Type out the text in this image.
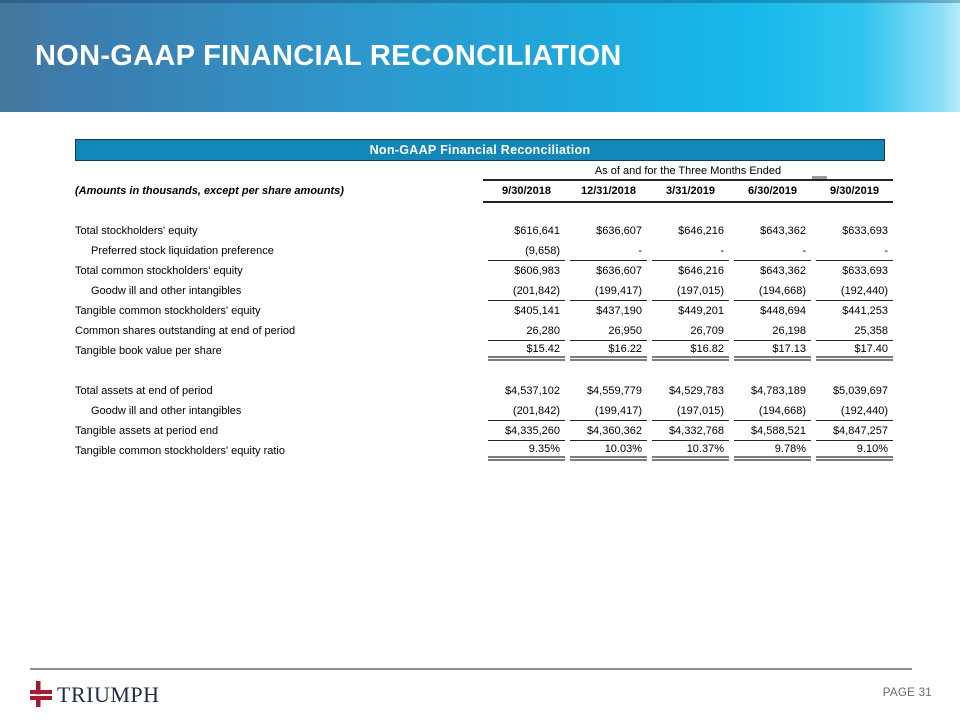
NON-GAAP FINANCIAL RECONCILIATION
Non-GAAP Financial Reconciliation
As of and for the Three Months Ended
(Amounts in thousands, except per share amounts)	9/30/2018	12/31/2018	3/31/2019	6/30/2019	9/30/2019
Total stockholders' equity	$616,641	$636,607	$646,216	$643,362	$633,693
Preferred stock liquidation preference	(9,658)	-	-	-	-
Total common stockholders' equity	$606,983	$636,607	$646,216	$643,362	$633,693
Goodw ill and other intangibles	(201,842)	(199,417)	(197,015)	(194,668)	(192,440)
Tangible common stockholders' equity	$405,141	$437,190	$449,201	$448,694	$441,253
Common shares outstanding at end of period	26,280	26,950	26,709	26,198	25,358
Tangible book value per share	$15.42	$16.22	$16.82	$17.13	$17.40
Total assets at end of period	$4,537,102	$4,559,779	$4,529,783	$4,783,189	$5,039,697
Goodw ill and other intangibles	(201,842)	(199,417)	(197,015)	(194,668)	(192,440)
Tangible assets at period end	$4,335,260	$4,360,362	$4,332,768	$4,588,521	$4,847,257
Tangible common stockholders' equity ratio	9.35%	10.03%	10.37%	9.78%	9.10%
TRIUMPH	PAGE 31
